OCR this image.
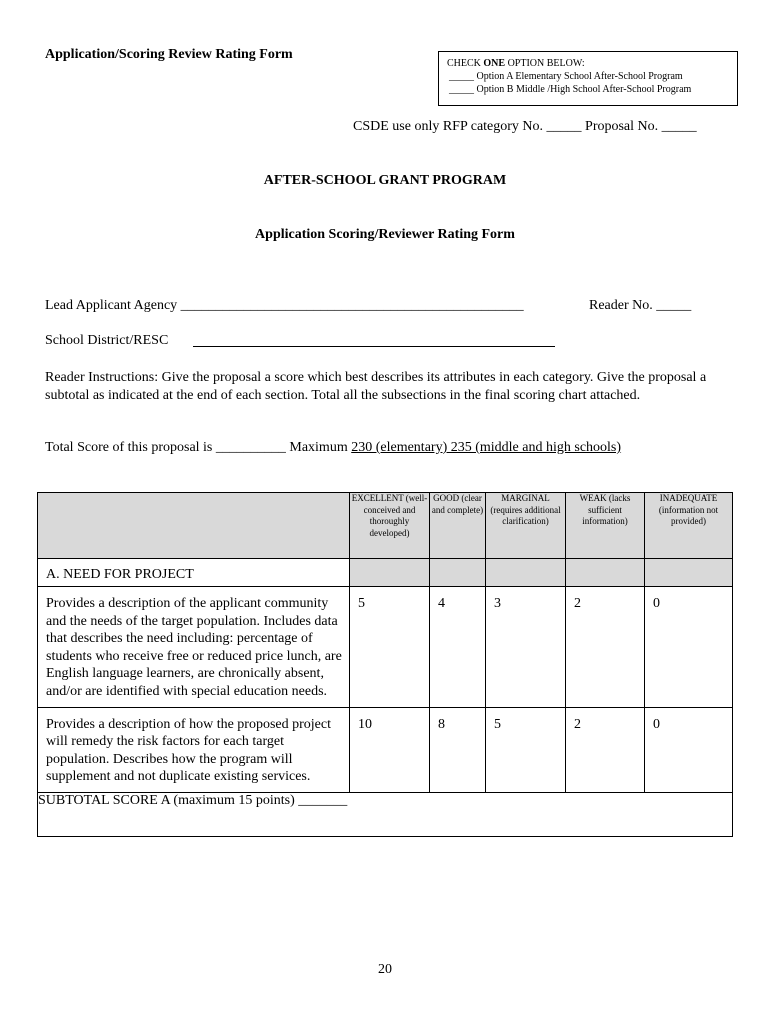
Application/Scoring Review Rating Form
CHECK ONE OPTION BELOW:
_____ Option A Elementary School After-School Program
_____ Option B Middle /High School After-School Program
CSDE use only RFP category No. _____ Proposal No. _____
AFTER-SCHOOL GRANT PROGRAM
Application Scoring/Reviewer Rating Form
Lead Applicant Agency _________________________________________________	Reader No. _____
School District/RESC
Reader Instructions: Give the proposal a score which best describes its attributes in each category. Give the proposal a subtotal as indicated at the end of each section. Total all the subsections in the final scoring chart attached.
Total Score of this proposal is __________ Maximum 230 (elementary) 235 (middle and high schools)
	EXCELLENT (well-conceived and thoroughly developed)	GOOD (clear and complete)	MARGINAL (requires additional clarification)	WEAK (lacks sufficient information)	INADEQUATE (information not provided)
A. NEED FOR PROJECT					
Provides a description of the applicant community and the needs of the target population. Includes data that describes the need including: percentage of students who receive free or reduced price lunch, are English language learners, are chronically absent, and/or are identified with special education needs.	5	4	3	2	0
Provides a description of how the proposed project will remedy the risk factors for each target population. Describes how the program will supplement and not duplicate existing services.	10	8	5	2	0
SUBTOTAL SCORE A (maximum 15 points) _______					
20
